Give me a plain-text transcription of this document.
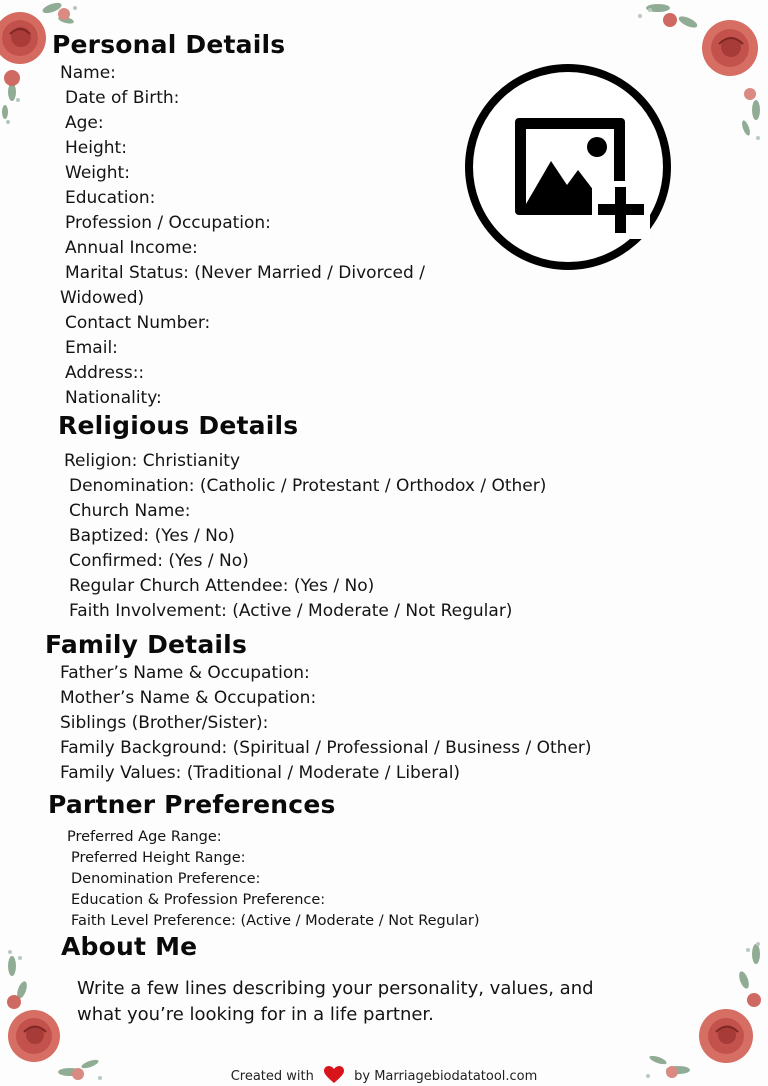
Personal Details

Name:

Date of Birth:

Age:

Height:

Weight:

Education:

Profession / Occupation:

Annual Income:

Marital Status: (Never Married / Divorced /

Widowed)

Contact Number:

Email:

Address::

Nationality:

Religious Details

Religion: Christianity

Denomination: (Catholic / Protestant / Orthodox / Other)

Church Name:

Baptized: (Yes / No)

Confirmed: (Yes / No)

Regular Church Attendee: (Yes / No)

Faith Involvement: (Active / Moderate / Not Regular)

Family Details

Father’s Name & Occupation:

Mother’s Name & Occupation:

Siblings (Brother/Sister):

Family Background: (Spiritual / Professional / Business / Other)

Family Values: (Traditional / Moderate / Liberal)

Partner Preferences

Preferred Age Range:

Preferred Height Range:

Denomination Preference:

Education & Profession Preference:

Faith Level Preference: (Active / Moderate / Not Regular)

About Me
Write a few lines describing your personality, values, and
what you’re looking for in a life partner.
Created with	by Marriagebiodatatool.com
